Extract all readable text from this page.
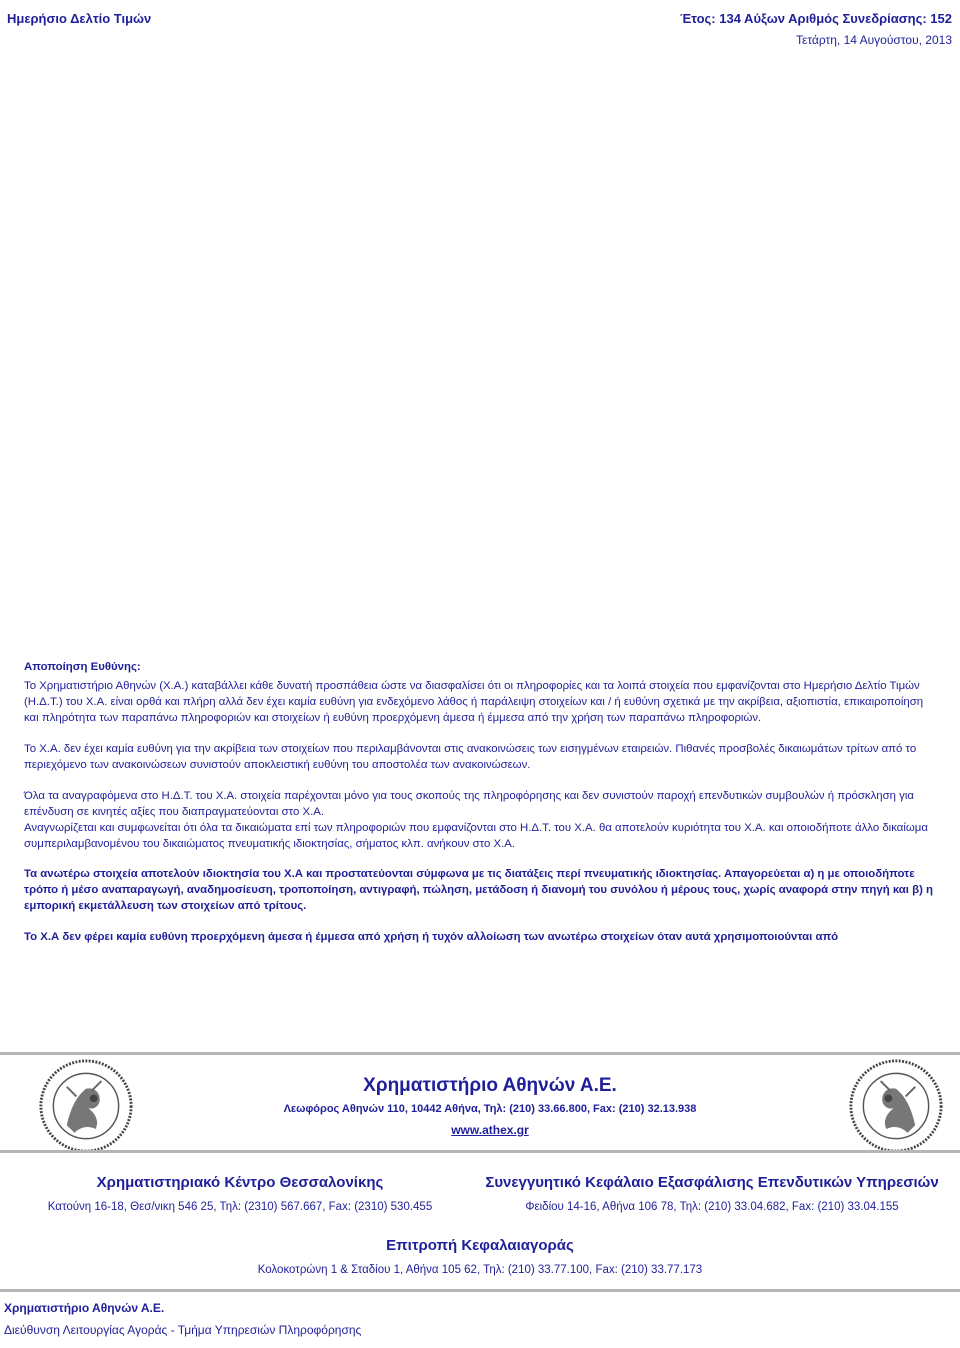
Ημερήσιο Δελτίο Τιμών	Έτος: 134 Αύξων Αριθμός Συνεδρίασης: 152
Τετάρτη, 14 Αυγούστου, 2013

Αποποίηση Ευθύνης:

Το Χρηματιστήριο Αθηνών (Χ.Α.) καταβάλλει κάθε δυνατή προσπάθεια ώστε να διασφαλίσει ότι οι πληροφορίες και τα λοιπά στοιχεία που εμφανίζονται στο Ημερήσιο Δελτίο Τιμών (Η.Δ.Τ.) του Χ.Α. είναι ορθά και πλήρη αλλά δεν έχει καμία ευθύνη για ενδεχόμενο λάθος ή παράλειψη στοιχείων και / ή ευθύνη σχετικά με την ακρίβεια, αξιοπιστία, επικαιροποίηση και πληρότητα των παραπάνω πληροφοριών και στοιχείων ή ευθύνη προερχόμενη άμεσα ή έμμεσα από την χρήση των παραπάνω πληροφοριών.

Το Χ.Α. δεν έχει καμία ευθύνη για την ακρίβεια των στοιχείων που περιλαμβάνονται στις ανακοινώσεις των εισηγμένων εταιρειών. Πιθανές προσβολές δικαιωμάτων τρίτων από το περιεχόμενο των ανακοινώσεων συνιστούν αποκλειστική ευθύνη του αποστολέα των ανακοινώσεων.

Όλα τα αναγραφόμενα στο Η.Δ.Τ. του Χ.Α. στοιχεία παρέχονται μόνο για τους σκοπούς της πληροφόρησης και δεν συνιστούν παροχή επενδυτικών συμβουλών ή πρόσκληση για επένδυση σε κινητές αξίες που διαπραγματεύονται στο Χ.Α.

Αναγνωρίζεται και συμφωνείται ότι όλα τα δικαιώματα επί των πληροφοριών που εμφανίζονται στο Η.Δ.Τ. του Χ.Α. θα αποτελούν κυριότητα του Χ.Α. και οποιοδήποτε άλλο δικαίωμα συμπεριλαμβανομένου του δικαιώματος πνευματικής ιδιοκτησίας, σήματος κλπ. ανήκουν στο Χ.Α.

Τα ανωτέρω στοιχεία αποτελούν ιδιοκτησία του Χ.Α και προστατεύονται σύμφωνα με τις διατάξεις περί πνευματικής ιδιοκτησίας. Απαγορεύεται α) η με οποιοδήποτε τρόπο ή μέσο αναπαραγωγή, αναδημοσίευση, τροποποίηση, αντιγραφή, πώληση, μετάδοση ή διανομή του συνόλου ή μέρους τους, χωρίς αναφορά στην πηγή και β) η εμπορική εκμετάλλευση των στοιχείων από τρίτους.

Το Χ.Α δεν φέρει καμία ευθύνη προερχόμενη άμεσα ή έμμεσα από χρήση ή τυχόν αλλοίωση των ανωτέρω στοιχείων όταν αυτά χρησιμοποιούνται από

Χρηματιστήριο Αθηνών Α.Ε.
Λεωφόρος Αθηνών 110, 10442 Αθήνα, Τηλ: (210) 33.66.800, Fax: (210) 32.13.938
www.athex.gr
Χρηματιστηριακό Κέντρο Θεσσαλονίκης
Κατούνη 16-18, Θεσ/νικη 546 25, Τηλ: (2310) 567.667, Fax: (2310) 530.455
Συνεγγυητικό Κεφάλαιο Εξασφάλισης Επενδυτικών Υπηρεσιών
Φειδίου 14-16, Αθήνα 106 78, Τηλ: (210) 33.04.682, Fax: (210) 33.04.155
Επιτροπή Κεφαλαιαγοράς
Κολοκοτρώνη 1 & Σταδίου 1, Αθήνα 105 62, Τηλ: (210) 33.77.100, Fax: (210) 33.77.173
Χρηματιστήριο Αθηνών Α.Ε.
Διεύθυνση Λειτουργίας Αγοράς - Τμήμα Υπηρεσιών Πληροφόρησης
